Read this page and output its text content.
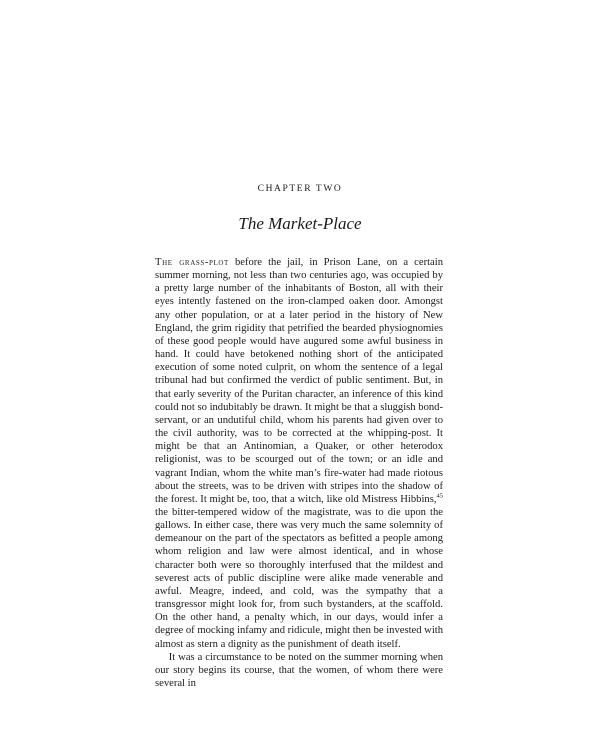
CHAPTER TWO
The Market-Place

The grass-plot before the jail, in Prison Lane, on a certain summer morning, not less than two centuries ago, was occupied by a pretty large number of the inhabitants of Boston, all with their eyes intently fastened on the iron-clamped oaken door. Amongst any other population, or at a later period in the history of New England, the grim rigidity that petrified the bearded physiognomies of these good people would have augured some awful business in hand. It could have betokened nothing short of the anticipated execution of some noted culprit, on whom the sentence of a legal tribunal had but confirmed the verdict of public sentiment. But, in that early severity of the Puritan character, an inference of this kind could not so indubitably be drawn. It might be that a sluggish bond-servant, or an undutiful child, whom his parents had given over to the civil authority, was to be corrected at the whipping-post. It might be that an Antinomian, a Quaker, or other heterodox religionist, was to be scourged out of the town; or an idle and vagrant Indian, whom the white man’s fire-water had made riotous about the streets, was to be driven with stripes into the shadow of the forest. It might be, too, that a witch, like old Mistress Hibbins,$^{45}$ the bitter-tempered widow of the magistrate, was to die upon the gallows. In either case, there was very much the same solemnity of demeanour on the part of the spectators as befitted a people among whom religion and law were almost identical, and in whose character both were so thoroughly interfused that the mildest and severest acts of public discipline were alike made venerable and awful. Meagre, indeed, and cold, was the sympathy that a transgressor might look for, from such bystanders, at the scaffold. On the other hand, a penalty which, in our days, would infer a degree of mocking infamy and ridicule, might then be invested with almost as stern a dignity as the punishment of death itself.

It was a circumstance to be noted on the summer morning when our story begins its course, that the women, of whom there were several in
